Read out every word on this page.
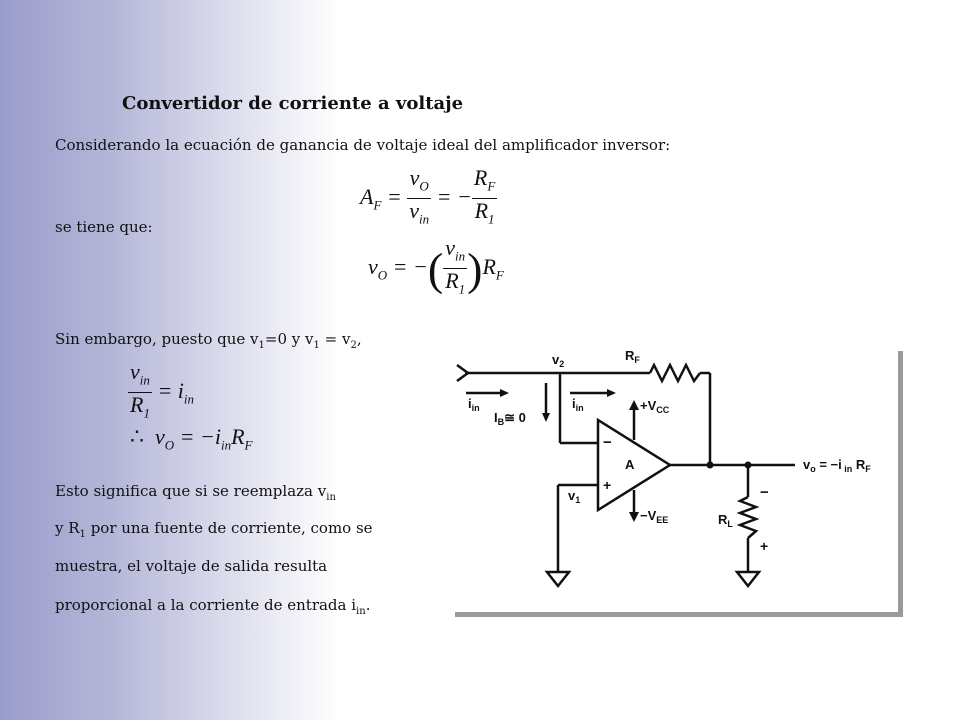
Convertidor de corriente a voltaje
Considerando la ecuación de ganancia de voltaje ideal del amplificador inversor:
$A_F = \frac{v_O}{v_{in}}$ = − $\frac{R_F}{R_1}$
se tiene que:
$v_O$ = −( $\frac{v_{in}}{R_1} )R_F$
Sin embargo, puesto que $v_1=0$ y $v_1 = v_2$,
$\frac{v_{in}}{R_1} = i_{in}$
∴  $v_O = -i_{in}R_F$
Esto significa que si se reemplaza $v_{in}$
y $R_1$ por una fuente de corriente, como se
muestra, el voltaje de salida resulta
proporcional a la corriente de entrada $i_{in}$.
$v_2$
$R_F$
$i_{in}$	$i_{in}$
$I_B≅$ 0
$+V_{CC}$
−
+
A
$v_1$
$-V_{EE}$
$v_o = -i$ $_{in}$ $R_F$
−
$R_L$
+
